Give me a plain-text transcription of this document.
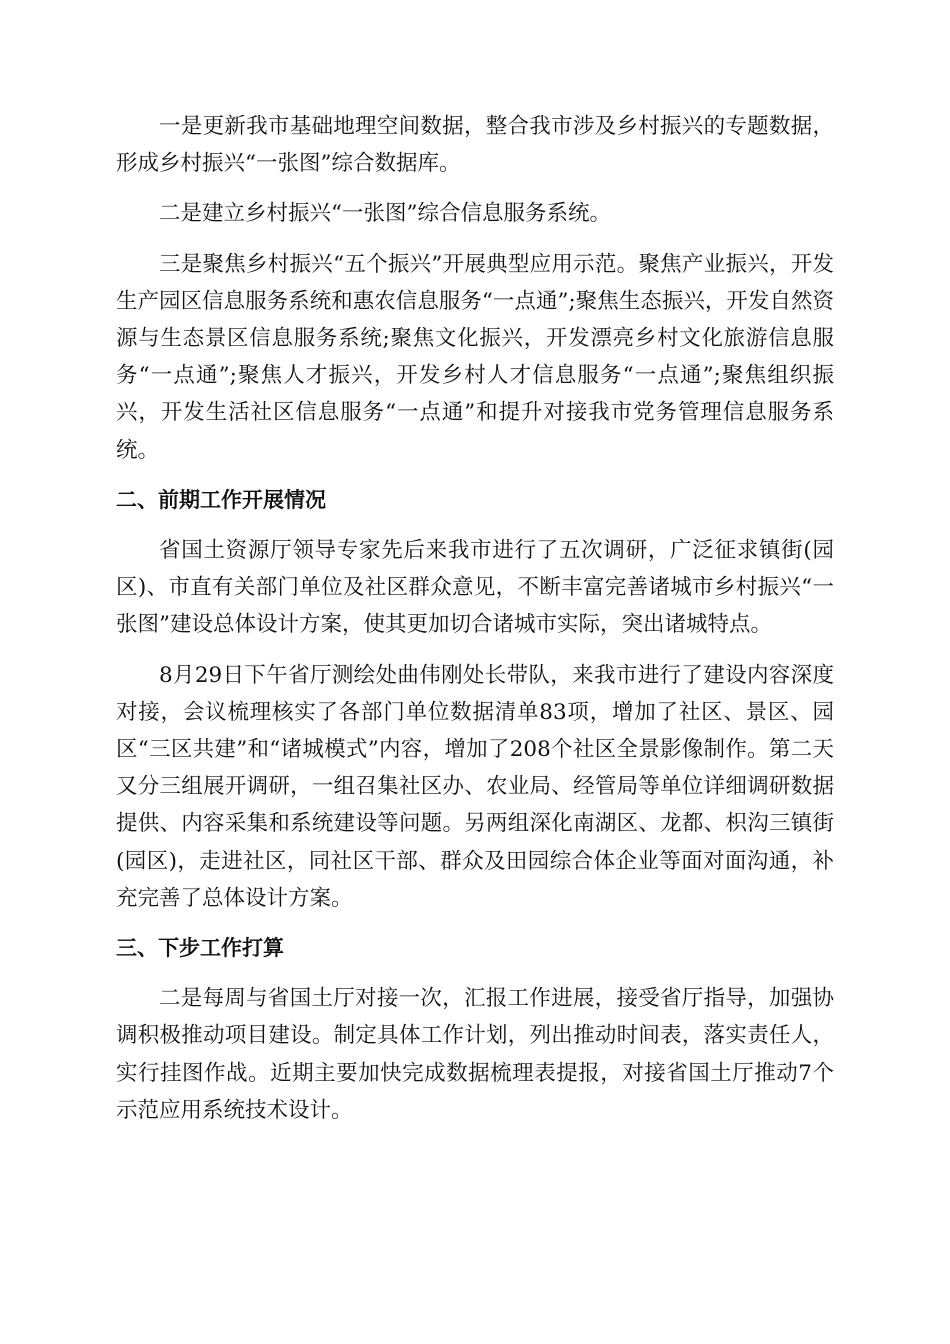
一是更新我市基础地理空间数据，整合我市涉及乡村振兴的专题数据，形成乡村振兴“一张图”综合数据库。

二是建立乡村振兴“一张图”综合信息服务系统。

三是聚焦乡村振兴“五个振兴”开展典型应用示范。聚焦产业振兴，开发生产园区信息服务系统和惠农信息服务“一点通”;聚焦生态振兴，开发自然资源与生态景区信息服务系统;聚焦文化振兴，开发漂亮乡村文化旅游信息服务“一点通”;聚焦人才振兴，开发乡村人才信息服务“一点通”;聚焦组织振兴，开发生活社区信息服务“一点通”和提升对接我市党务管理信息服务系统。

二、前期工作开展情况

省国土资源厅领导专家先后来我市进行了五次调研，广泛征求镇街(园区)、市直有关部门单位及社区群众意见，不断丰富完善诸城市乡村振兴“一张图”建设总体设计方案，使其更加切合诸城市实际，突出诸城特点。

8月29日下午省厅测绘处曲伟刚处长带队，来我市进行了建设内容深度对接，会议梳理核实了各部门单位数据清单83项，增加了社区、景区、园区“三区共建”和“诸城模式”内容，增加了208个社区全景影像制作。第二天又分三组展开调研，一组召集社区办、农业局、经管局等单位详细调研数据提供、内容采集和系统建设等问题。另两组深化南湖区、龙都、枳沟三镇街(园区)，走进社区，同社区干部、群众及田园综合体企业等面对面沟通，补充完善了总体设计方案。

三、下步工作打算

二是每周与省国土厅对接一次，汇报工作进展，接受省厅指导，加强协调积极推动项目建设。制定具体工作计划，列出推动时间表，落实责任人，实行挂图作战。近期主要加快完成数据梳理表提报，对接省国土厅推动7个示范应用系统技术设计。
